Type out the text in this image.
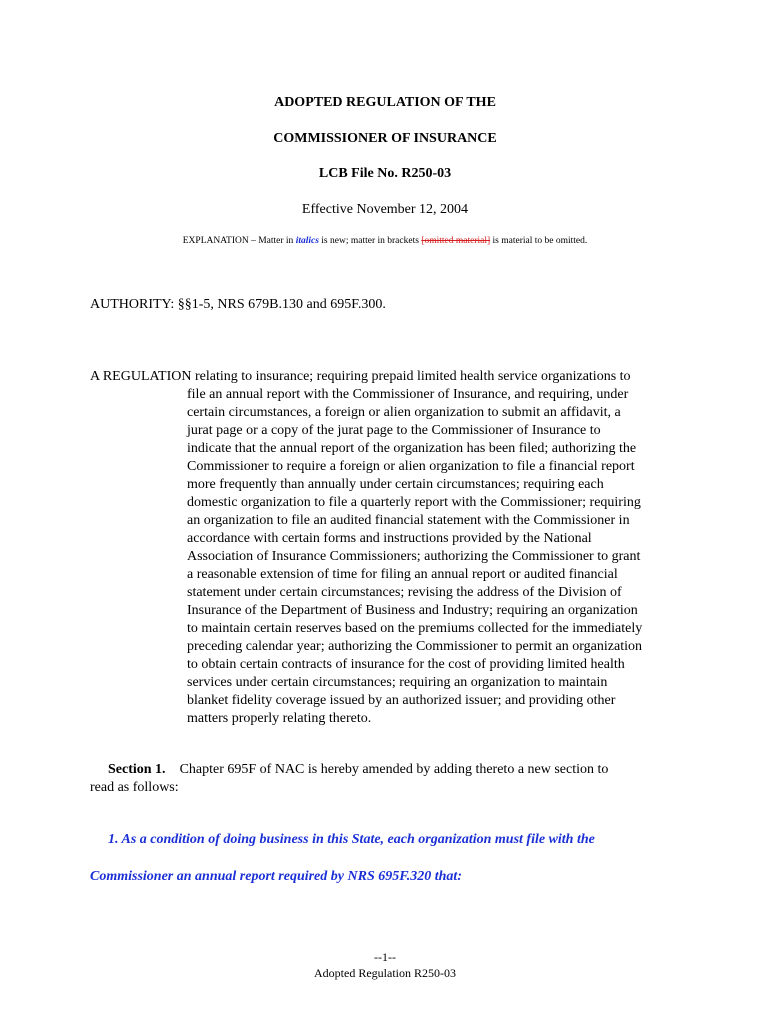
ADOPTED REGULATION OF THE
COMMISSIONER OF INSURANCE
LCB File No. R250-03
Effective November 12, 2004
EXPLANATION – Matter in italics is new; matter in brackets [omitted material] is material to be omitted.
AUTHORITY: §§1-5, NRS 679B.130 and 695F.300.
A REGULATION relating to insurance; requiring prepaid limited health service organizations to
file an annual report with the Commissioner of Insurance, and requiring, under
certain circumstances, a foreign or alien organization to submit an affidavit, a
jurat page or a copy of the jurat page to the Commissioner of Insurance to
indicate that the annual report of the organization has been filed; authorizing the
Commissioner to require a foreign or alien organization to file a financial report
more frequently than annually under certain circumstances; requiring each
domestic organization to file a quarterly report with the Commissioner; requiring
an organization to file an audited financial statement with the Commissioner in
accordance with certain forms and instructions provided by the National
Association of Insurance Commissioners; authorizing the Commissioner to grant
a reasonable extension of time for filing an annual report or audited financial
statement under certain circumstances; revising the address of the Division of
Insurance of the Department of Business and Industry; requiring an organization
to maintain certain reserves based on the premiums collected for the immediately
preceding calendar year; authorizing the Commissioner to permit an organization
to obtain certain contracts of insurance for the cost of providing limited health
services under certain circumstances; requiring an organization to maintain
blanket fidelity coverage issued by an authorized issuer; and providing other
matters properly relating thereto.
Section 1. Chapter 695F of NAC is hereby amended by adding thereto a new section to
read as follows:
1. As a condition of doing business in this State, each organization must file with the
Commissioner an annual report required by NRS 695F.320 that:
--1--
Adopted Regulation R250-03
